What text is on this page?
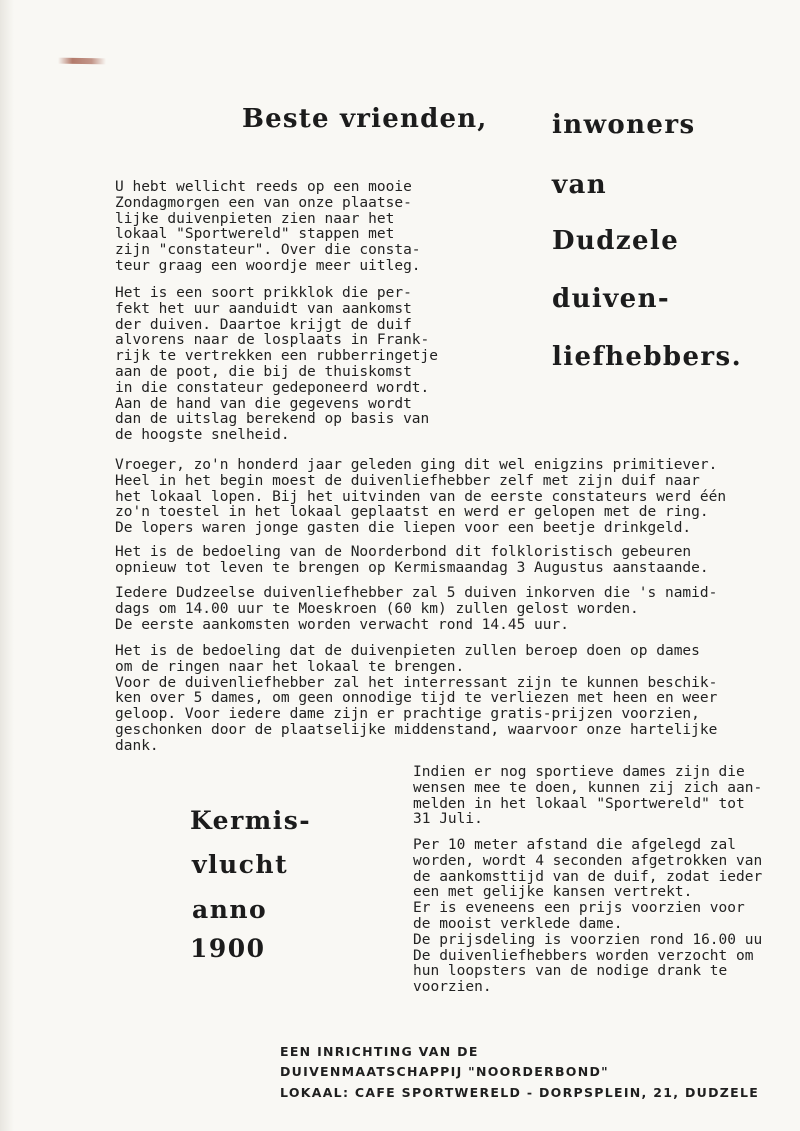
Beste vrienden, inwoners
van
Dudzele
duiven-
liefhebbers.
U hebt wellicht reeds op een mooie
Zondagmorgen een van onze plaatse-
lijke duivenpieten zien naar het
lokaal "Sportwereld" stappen met
zijn "constateur". Over die consta-
teur graag een woordje meer uitleg.
Het is een soort prikklok die per-
fekt het uur aanduidt van aankomst
der duiven. Daartoe krijgt de duif
alvorens naar de losplaats in Frank-
rijk te vertrekken een rubberringetje
aan de poot, die bij de thuiskomst
in die constateur gedeponeerd wordt.
Aan de hand van die gegevens wordt
dan de uitslag berekend op basis van
de hoogste snelheid.
Vroeger, zo'n honderd jaar geleden ging dit wel enigzins primitiever.
Heel in het begin moest de duivenliefhebber zelf met zijn duif naar
het lokaal lopen. Bij het uitvinden van de eerste constateurs werd één
zo'n toestel in het lokaal geplaatst en werd er gelopen met de ring.
De lopers waren jonge gasten die liepen voor een beetje drinkgeld.
Het is de bedoeling van de Noorderbond dit folkloristisch gebeuren
opnieuw tot leven te brengen op Kermismaandag 3 Augustus aanstaande.
Iedere Dudzeelse duivenliefhebber zal 5 duiven inkorven die 's namid-
dags om 14.00 uur te Moeskroen (60 km) zullen gelost worden.
De eerste aankomsten worden verwacht rond 14.45 uur.
Het is de bedoeling dat de duivenpieten zullen beroep doen op dames
om de ringen naar het lokaal te brengen.
Voor de duivenliefhebber zal het interressant zijn te kunnen beschik-
ken over 5 dames, om geen onnodige tijd te verliezen met heen en weer
geloop. Voor iedere dame zijn er prachtige gratis-prijzen voorzien,
geschonken door de plaatselijke middenstand, waarvoor onze hartelijke
dank.
Kermis-
vlucht
anno
1900
Indien er nog sportieve dames zijn die
wensen mee te doen, kunnen zij zich aan-
melden in het lokaal "Sportwereld" tot
31 Juli.
Per 10 meter afstand die afgelegd zal
worden, wordt 4 seconden afgetrokken van
de aankomsttijd van de duif, zodat ieder
een met gelijke kansen vertrekt.
Er is eveneens een prijs voorzien voor
de mooist verklede dame.
De prijsdeling is voorzien rond 16.00 uu
De duivenliefhebbers worden verzocht om
hun loopsters van de nodige drank te
voorzien.
EEN INRICHTING VAN DE
DUIVENMAATSCHAPPIJ "NOORDERBOND"
LOKAAL: CAFE SPORTWERELD - DORPSPLEIN, 21, DUDZELE
